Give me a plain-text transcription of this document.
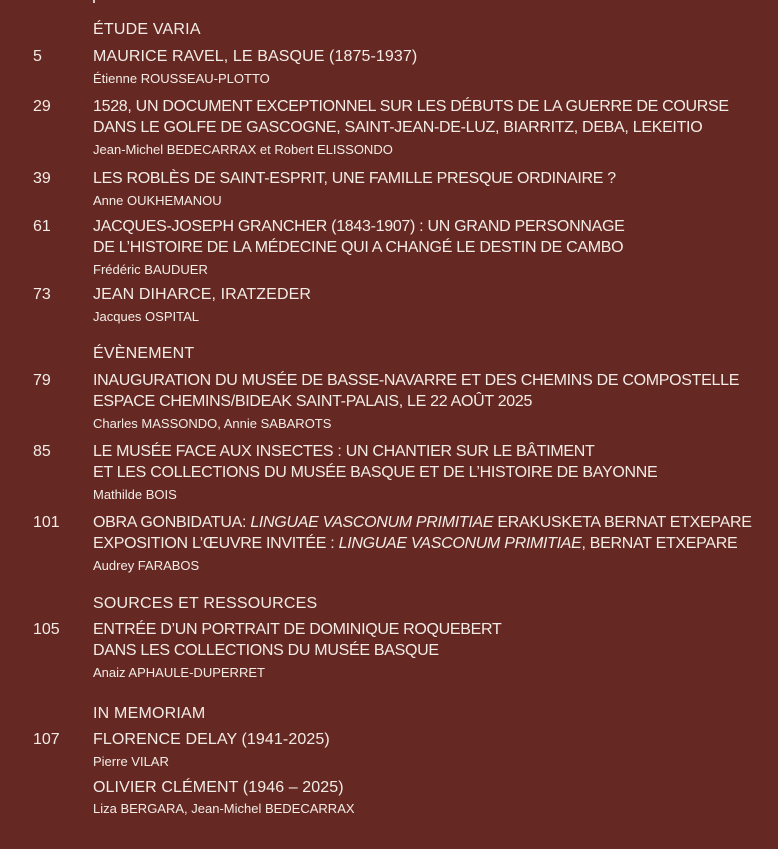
ÉTUDE VARIA
5	MAURICE RAVEL, LE BASQUE (1875-1937)
Étienne ROUSSEAU-PLOTTO
29	1528, UN DOCUMENT EXCEPTIONNEL SUR LES DÉBUTS DE LA GUERRE DE COURSE
DANS LE GOLFE DE GASCOGNE, SAINT-JEAN-DE-LUZ, BIARRITZ, DEBA, LEKEITIO
Jean-Michel BEDECARRAX et Robert ELISSONDO
39	LES ROBLÈS DE SAINT-ESPRIT, UNE FAMILLE PRESQUE ORDINAIRE ?
Anne OUKHEMANOU
61	JACQUES-JOSEPH GRANCHER (1843-1907) : UN GRAND PERSONNAGE
DE L’HISTOIRE DE LA MÉDECINE QUI A CHANGÉ LE DESTIN DE CAMBO
Frédéric BAUDUER
73	JEAN DIHARCE, IRATZEDER
Jacques OSPITAL
ÉVÈNEMENT
79	INAUGURATION DU MUSÉE DE BASSE-NAVARRE ET DES CHEMINS DE COMPOSTELLE
ESPACE CHEMINS/BIDEAK SAINT-PALAIS, LE 22 AOÛT 2025
Charles MASSONDO, Annie SABAROTS
85	LE MUSÉE FACE AUX INSECTES : UN CHANTIER SUR LE BÂTIMENT
ET LES COLLECTIONS DU MUSÉE BASQUE ET DE L’HISTOIRE DE BAYONNE
Mathilde BOIS
101 OBRA GONBIDATUA: LINGUAE VASCONUM PRIMITIAE ERAKUSKETA BERNAT ETXEPARE
EXPOSITION L’ŒUVRE INVITÉE : LINGUAE VASCONUM PRIMITIAE, BERNAT ETXEPARE
Audrey FARABOS
SOURCES ET RESSOURCES
105 ENTRÉE D’UN PORTRAIT DE DOMINIQUE ROQUEBERT
DANS LES COLLECTIONS DU MUSÉE BASQUE
Anaiz APHAULE-DUPERRET
IN MEMORIAM
107 FLORENCE DELAY (1941-2025)
Pierre VILAR
OLIVIER CLÉMENT (1946 – 2025)
Liza BERGARA, Jean-Michel BEDECARRAX
